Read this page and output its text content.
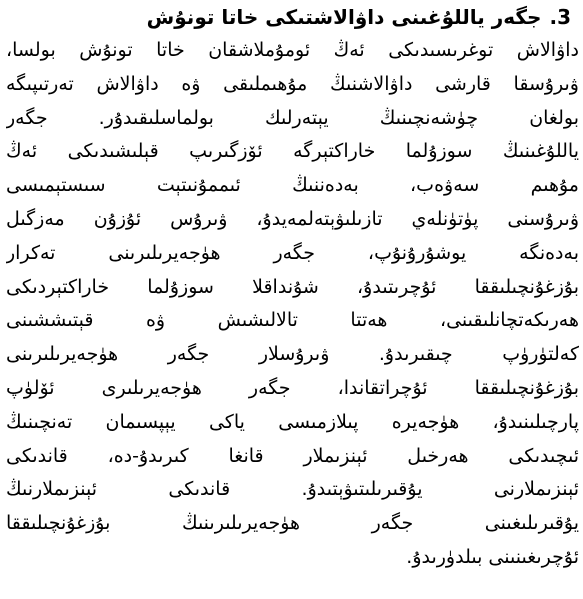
3.جگەر ياللۇغىنى داۋالاشتىكى خاتا تونۇش
داۋالاش توغرىسىدىكى ئەڭ ئومۇملاشقان خاتا تونۇش بولسا،
ۋىرۇسقا قارشى داۋالاشنىڭ مۇھىملىقى ۋە داۋالاش تەرتىپىگە
بولغان چۈشەنچىنىڭ يېتەرلىك بولماسلىقىدۇر. جگەر
ياللۇغىنىڭ سوزۇلما خاراكتېرگە ئۆزگىرىپ قېلىشىدىكى ئەڭ
مۇھىم سەۋەب، بەدەننىڭ ئىممۇنىتېت سىستېمىسى
ۋىرۇسنى پۈتۈنلەي تازىلىۋېتەلمەيدۇ، ۋىرۇس ئۇزۇن مەزگىل
بەدەنگە يوشۇرۇنۇپ، جگەر ھۈجەيرىلىرىنى تەكرار
بۇزغۇنچىلىققا ئۇچرىتىدۇ، شۇنداقلا سوزۇلما خاراكتېردىكى
ھەرىكەتچانلىقىنى، ھەتتا تالالىشىش ۋە قېتىششىنى
كەلتۈرۈپ چىقىرىدۇ. ۋىرۇسلار جگەر ھۈجەيرىلىرىنى
بۇزغۇنچىلىققا ئۇچراتقاندا، جگەر ھۈجەيرىلىرى ئۆلۈپ
پارچىلىنىدۇ، ھۈجەيرە پىلازمىسى ياكى يېپسىمان تەنچىنىڭ
ئىچىدىكى ھەرخىل ئېنزىملار قانغا كىرىدۇ-دە، قاندىكى
ئېنزىملارنى يۇقىرىلىتىۋېتىدۇ. قاندىكى ئېنزىملارنىڭ
يۇقىرىلىغىنى جگەر ھۈجەيرىلىرىنىڭ بۇزغۇنچىلىققا
ئۇچرىغىنىنى بىلدۈرىدۇ.
